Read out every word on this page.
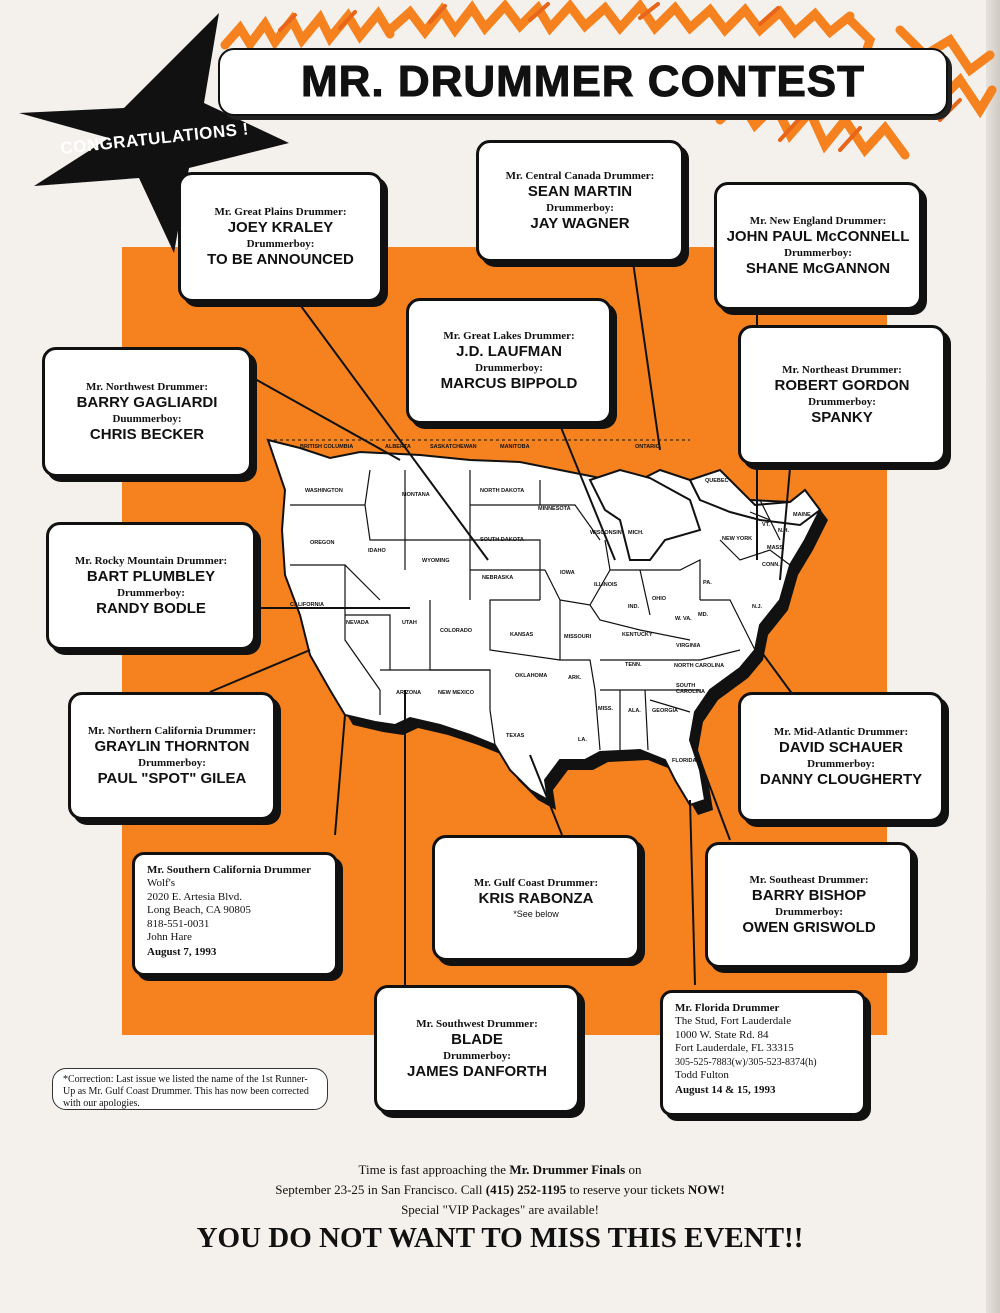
BRITISH COLUMBIA	ALBERTA	SASKATCHEWAN	MANITOBA	ONTARIO
QUEBEC
WASHINGTON
MONTANA
NORTH DAKOTA
MINNESOTA
OREGON
IDAHO
WYOMING
SOUTH DAKOTA
WISCONSIN MICH.
NEBRASKA
IOWA
ILLINOIS
IND.
OHIO
PA.
NEW YORK
VT.
N.H.
MAINE
MASS.
CONN.
N.J.
CALIFORNIA
NEVADA	UTAH
COLORADO
KANSAS	MISSOURI	KENTUCKY
W. VA.
MD.
VIRGINIA
TENN.	NORTH CAROLINA
OKLAHOMA	ARK.
SOUTH CAROLINA
ARIZONA	NEW MEXICO
TEXAS
MISS.	ALA. GEORGIA
LA.
FLORIDA
CONGRATULATIONS !
MR. DRUMMER CONTEST
Mr. Great Plains Drummer:
JOEY KRALEY
Drummerboy:
TO BE ANNOUNCED
Mr. Central Canada Drummer:
SEAN MARTIN
Drummerboy:
JAY WAGNER	Mr. New England Drummer:
JOHN PAUL McCONNELL
Drummerboy:
SHANE McGANNON
Mr. Great Lakes Drummer:
J.D. LAUFMAN
Drummerboy:
MARCUS BIPPOLD
Mr. Northeast Drummer:
ROBERT GORDON
Drummerboy:
SPANKY
Mr. Northwest Drummer:
BARRY GAGLIARDI
Duummerboy:
CHRIS BECKER
Mr. Rocky Mountain Drummer:
BART PLUMBLEY
Drummerboy:
RANDY BODLE
Mr. Northern California Drummer:
GRAYLIN THORNTON
Drummerboy:
PAUL "SPOT" GILEA
Mr. Mid-Atlantic Drummer:
DAVID SCHAUER
Drummerboy:
DANNY CLOUGHERTY
Mr. Gulf Coast Drummer:
KRIS RABONZA
*See below
Mr. Southeast Drummer:
BARRY BISHOP
Drummerboy:
OWEN GRISWOLD
Mr. Southwest Drummer:
BLADE
Drummerboy:
JAMES DANFORTH
Mr. Southern California Drummer
Wolf's
2020 E. Artesia Blvd.
Long Beach, CA 90805
818-551-0031
John Hare
August 7, 1993
Mr. Florida Drummer
The Stud, Fort Lauderdale
1000 W. State Rd. 84
Fort Lauderdale, FL 33315
305-525-7883(w)/305-523-8374(h)
Todd Fulton
August 14 & 15, 1993
*Correction: Last issue we listed the name of the 1st Runner-Up as Mr. Gulf Coast Drummer. This has now been corrected with our apologies.
Time is fast approaching the Mr. Drummer Finals on
September 23-25 in San Francisco. Call (415) 252-1195 to reserve your tickets NOW!
Special "VIP Packages" are available!
YOU DO NOT WANT TO MISS THIS EVENT!!
